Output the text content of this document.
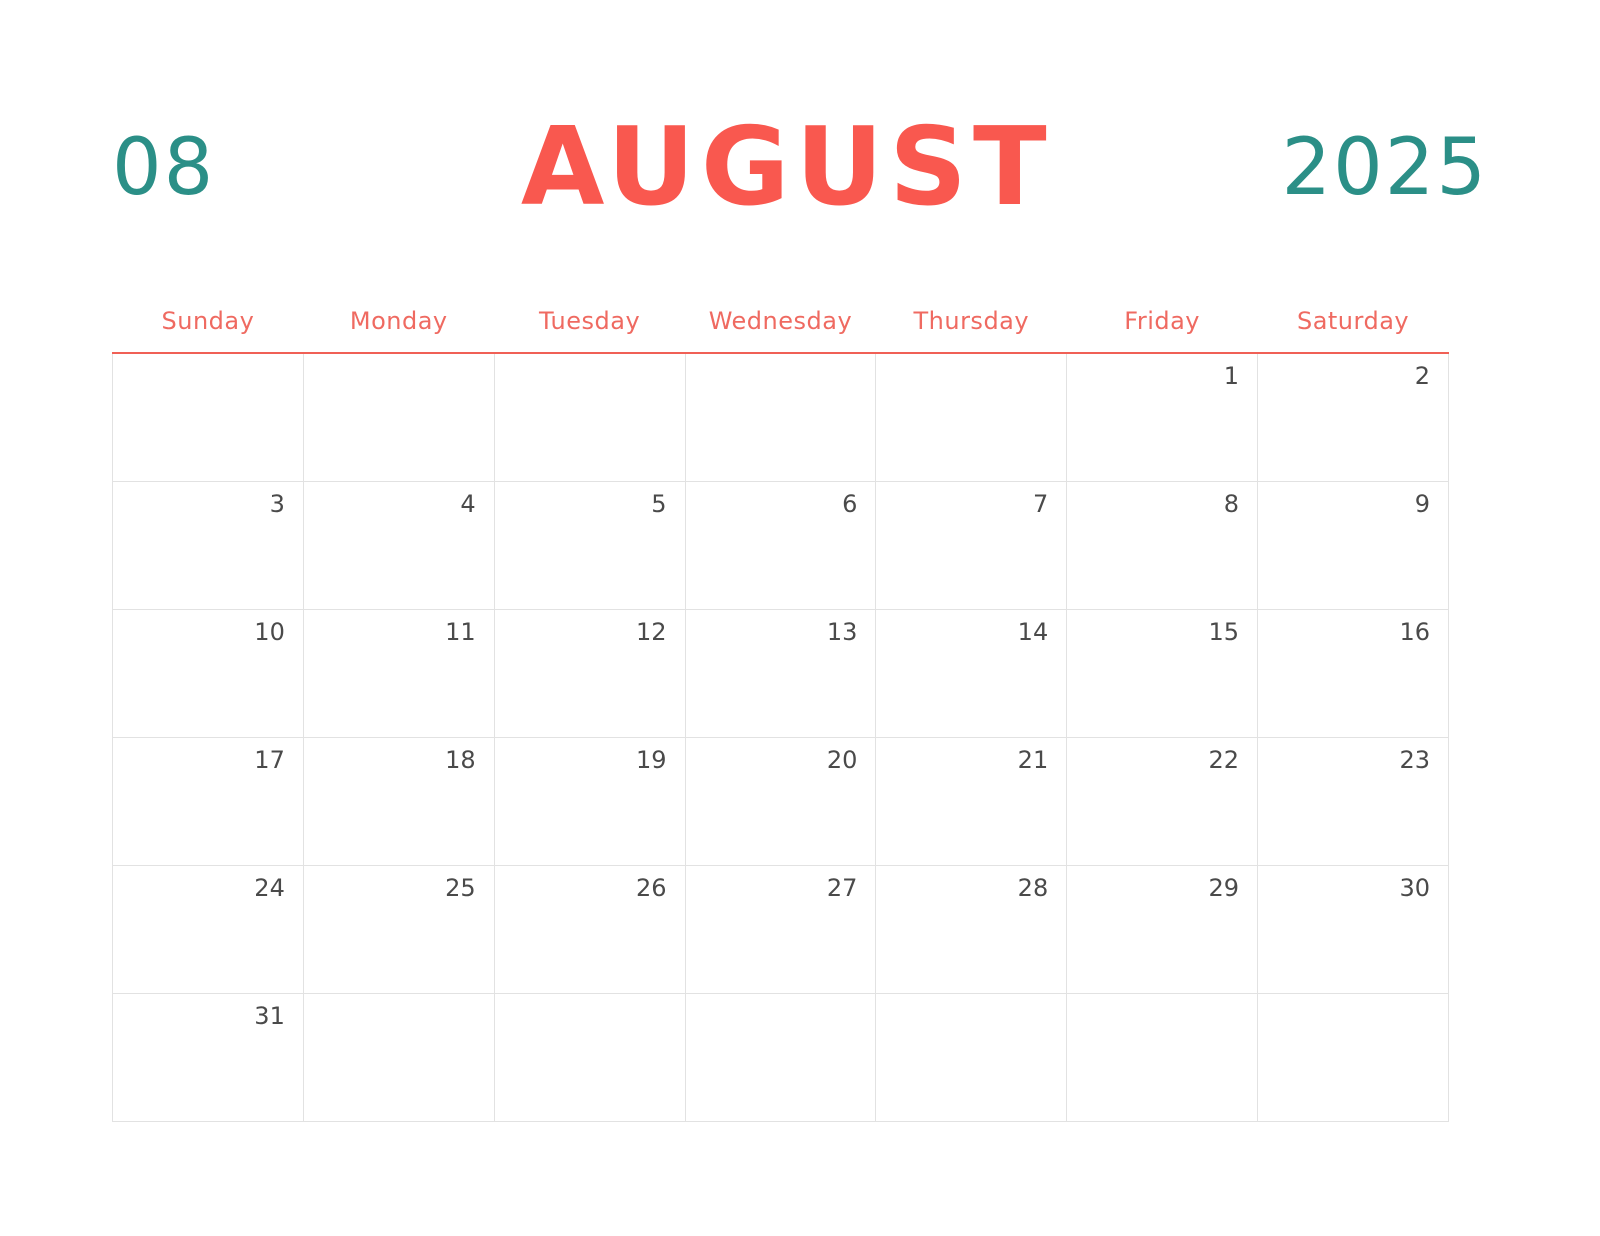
08	AUGUST	2025
Sunday	Monday	Tuesday	Wednesday	Thursday	Friday	Saturday
					1	2
3	4	5	6	7	8	9
10	11	12	13	14	15	16
17	18	19	20	21	22	23
24	25	26	27	28	29	30
31						
